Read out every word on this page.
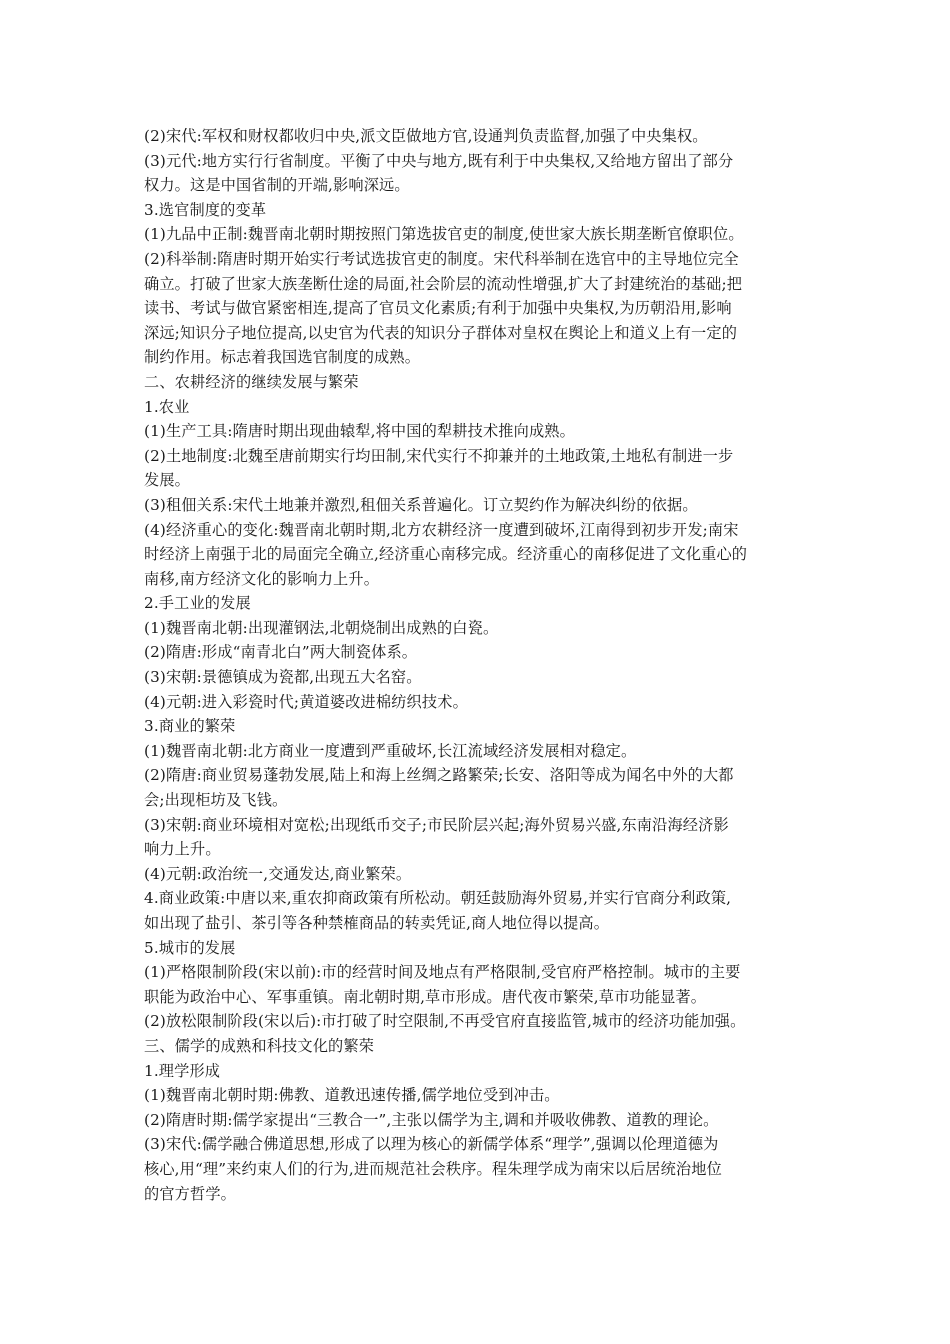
(2)宋代:军权和财权都收归中央,派文臣做地方官,设通判负责监督,加强了中央集权。
(3)元代:地方实行行省制度。平衡了中央与地方,既有利于中央集权,又给地方留出了部分
权力。这是中国省制的开端,影响深远。
3.选官制度的变革
(1)九品中正制:魏晋南北朝时期按照门第选拔官吏的制度,使世家大族长期垄断官僚职位。
(2)科举制:隋唐时期开始实行考试选拔官吏的制度。宋代科举制在选官中的主导地位完全
确立。打破了世家大族垄断仕途的局面,社会阶层的流动性增强,扩大了封建统治的基础;把
读书、考试与做官紧密相连,提高了官员文化素质;有利于加强中央集权,为历朝沿用,影响
深远;知识分子地位提高,以史官为代表的知识分子群体对皇权在舆论上和道义上有一定的
制约作用。标志着我国选官制度的成熟。
二、农耕经济的继续发展与繁荣
1.农业
(1)生产工具:隋唐时期出现曲辕犁,将中国的犁耕技术推向成熟。
(2)土地制度:北魏至唐前期实行均田制,宋代实行不抑兼并的土地政策,土地私有制进一步
发展。
(3)租佃关系:宋代土地兼并激烈,租佃关系普遍化。订立契约作为解决纠纷的依据。
(4)经济重心的变化:魏晋南北朝时期,北方农耕经济一度遭到破坏,江南得到初步开发;南宋
时经济上南强于北的局面完全确立,经济重心南移完成。经济重心的南移促进了文化重心的
南移,南方经济文化的影响力上升。
2.手工业的发展
(1)魏晋南北朝:出现灌钢法,北朝烧制出成熟的白瓷。
(2)隋唐:形成“南青北白”两大制瓷体系。
(3)宋朝:景德镇成为瓷都,出现五大名窑。
(4)元朝:进入彩瓷时代;黄道婆改进棉纺织技术。
3.商业的繁荣
(1)魏晋南北朝:北方商业一度遭到严重破坏,长江流域经济发展相对稳定。
(2)隋唐:商业贸易蓬勃发展,陆上和海上丝绸之路繁荣;长安、洛阳等成为闻名中外的大都
会;出现柜坊及飞钱。
(3)宋朝:商业环境相对宽松;出现纸币交子;市民阶层兴起;海外贸易兴盛,东南沿海经济影
响力上升。
(4)元朝:政治统一,交通发达,商业繁荣。
4.商业政策:中唐以来,重农抑商政策有所松动。朝廷鼓励海外贸易,并实行官商分利政策,
如出现了盐引、茶引等各种禁榷商品的转卖凭证,商人地位得以提高。
5.城市的发展
(1)严格限制阶段(宋以前):市的经营时间及地点有严格限制,受官府严格控制。城市的主要
职能为政治中心、军事重镇。南北朝时期,草市形成。唐代夜市繁荣,草市功能显著。
(2)放松限制阶段(宋以后):市打破了时空限制,不再受官府直接监管,城市的经济功能加强。
三、儒学的成熟和科技文化的繁荣
1.理学形成
(1)魏晋南北朝时期:佛教、道教迅速传播,儒学地位受到冲击。
(2)隋唐时期:儒学家提出“三教合一”,主张以儒学为主,调和并吸收佛教、道教的理论。
(3)宋代:儒学融合佛道思想,形成了以理为核心的新儒学体系“理学”,强调以伦理道德为
核心,用“理”来约束人们的行为,进而规范社会秩序。程朱理学成为南宋以后居统治地位
的官方哲学。
